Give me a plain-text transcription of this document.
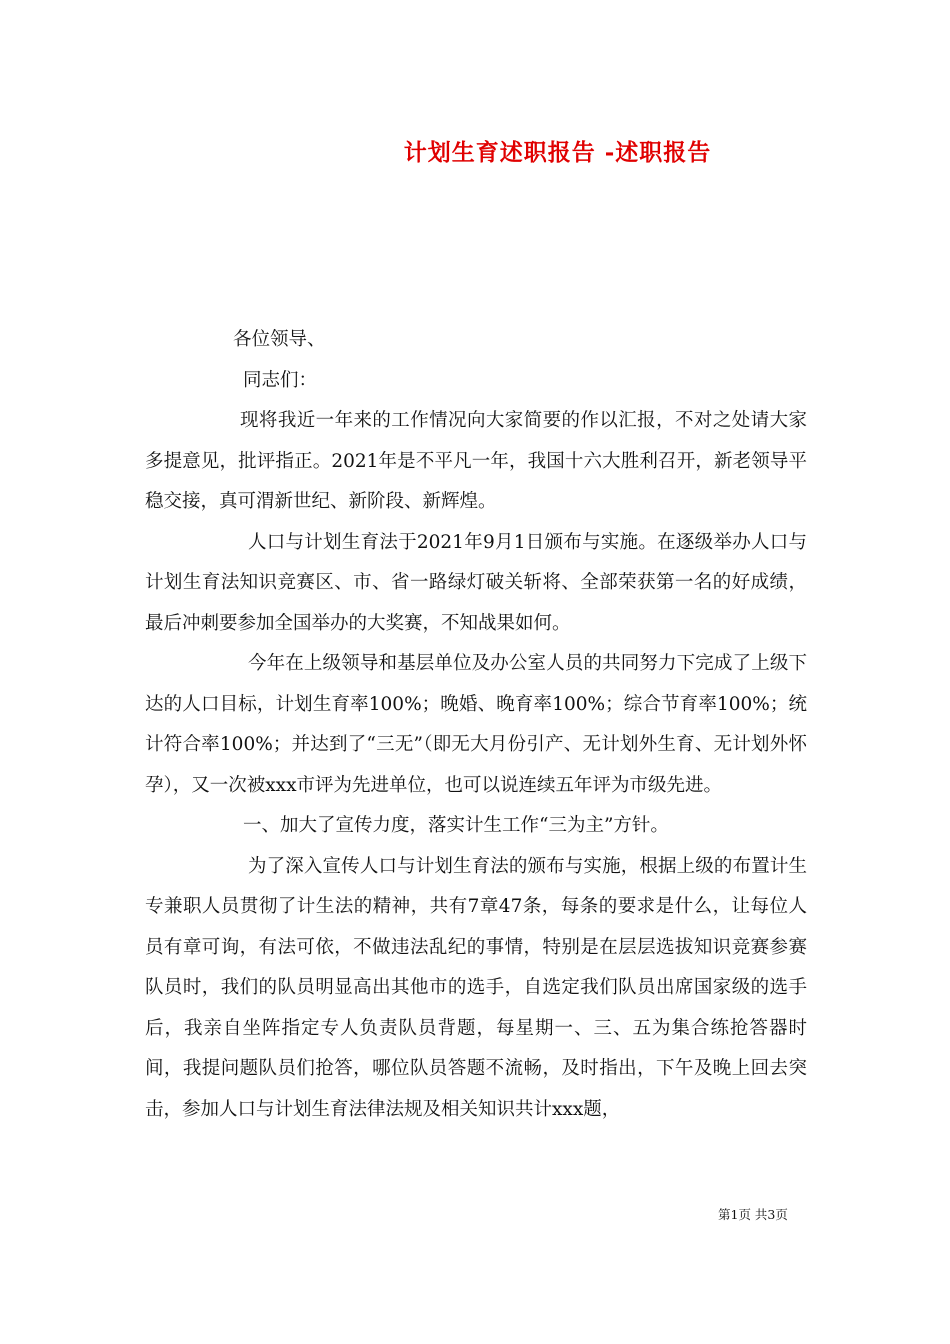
计划生育述职报告 -述职报告

各位领导、

同志们：

现将我近一年来的工作情况向大家简要的作以汇报，不对之处请大家多提意见，批评指正。2021年是不平凡一年，我国十六大胜利召开，新老领导平稳交接，真可渭新世纪、新阶段、新辉煌。

人口与计划生育法于2021年9月1日颁布与实施。在逐级举办人口与计划生育法知识竞赛区、市、省一路绿灯破关斩将、全部荣获第一名的好成绩，最后冲刺要参加全国举办的大奖赛，不知战果如何。

今年在上级领导和基层单位及办公室人员的共同努力下完成了上级下达的人口目标，计划生育率100%；晚婚、晚育率100%；综合节育率100%；统计符合率100%；并达到了“三无”（即无大月份引产、无计划外生育、无计划外怀孕），又一次被xxx市评为先进单位，也可以说连续五年评为市级先进。

一、加大了宣传力度，落实计生工作“三为主”方针。

为了深入宣传人口与计划生育法的颁布与实施，根据上级的布置计生专兼职人员贯彻了计生法的精神，共有7章47条，每条的要求是什么，让每位人员有章可询，有法可依，不做违法乱纪的事情，特别是在层层选拔知识竞赛参赛队员时，我们的队员明显高出其他市的选手，自选定我们队员出席国家级的选手后，我亲自坐阵指定专人负责队员背题，每星期一、三、五为集合练抢答器时间，我提问题队员们抢答，哪位队员答题不流畅，及时指出，下午及晚上回去突击，参加人口与计划生育法律法规及相关知识共计xxx题，

第1页 共3页
